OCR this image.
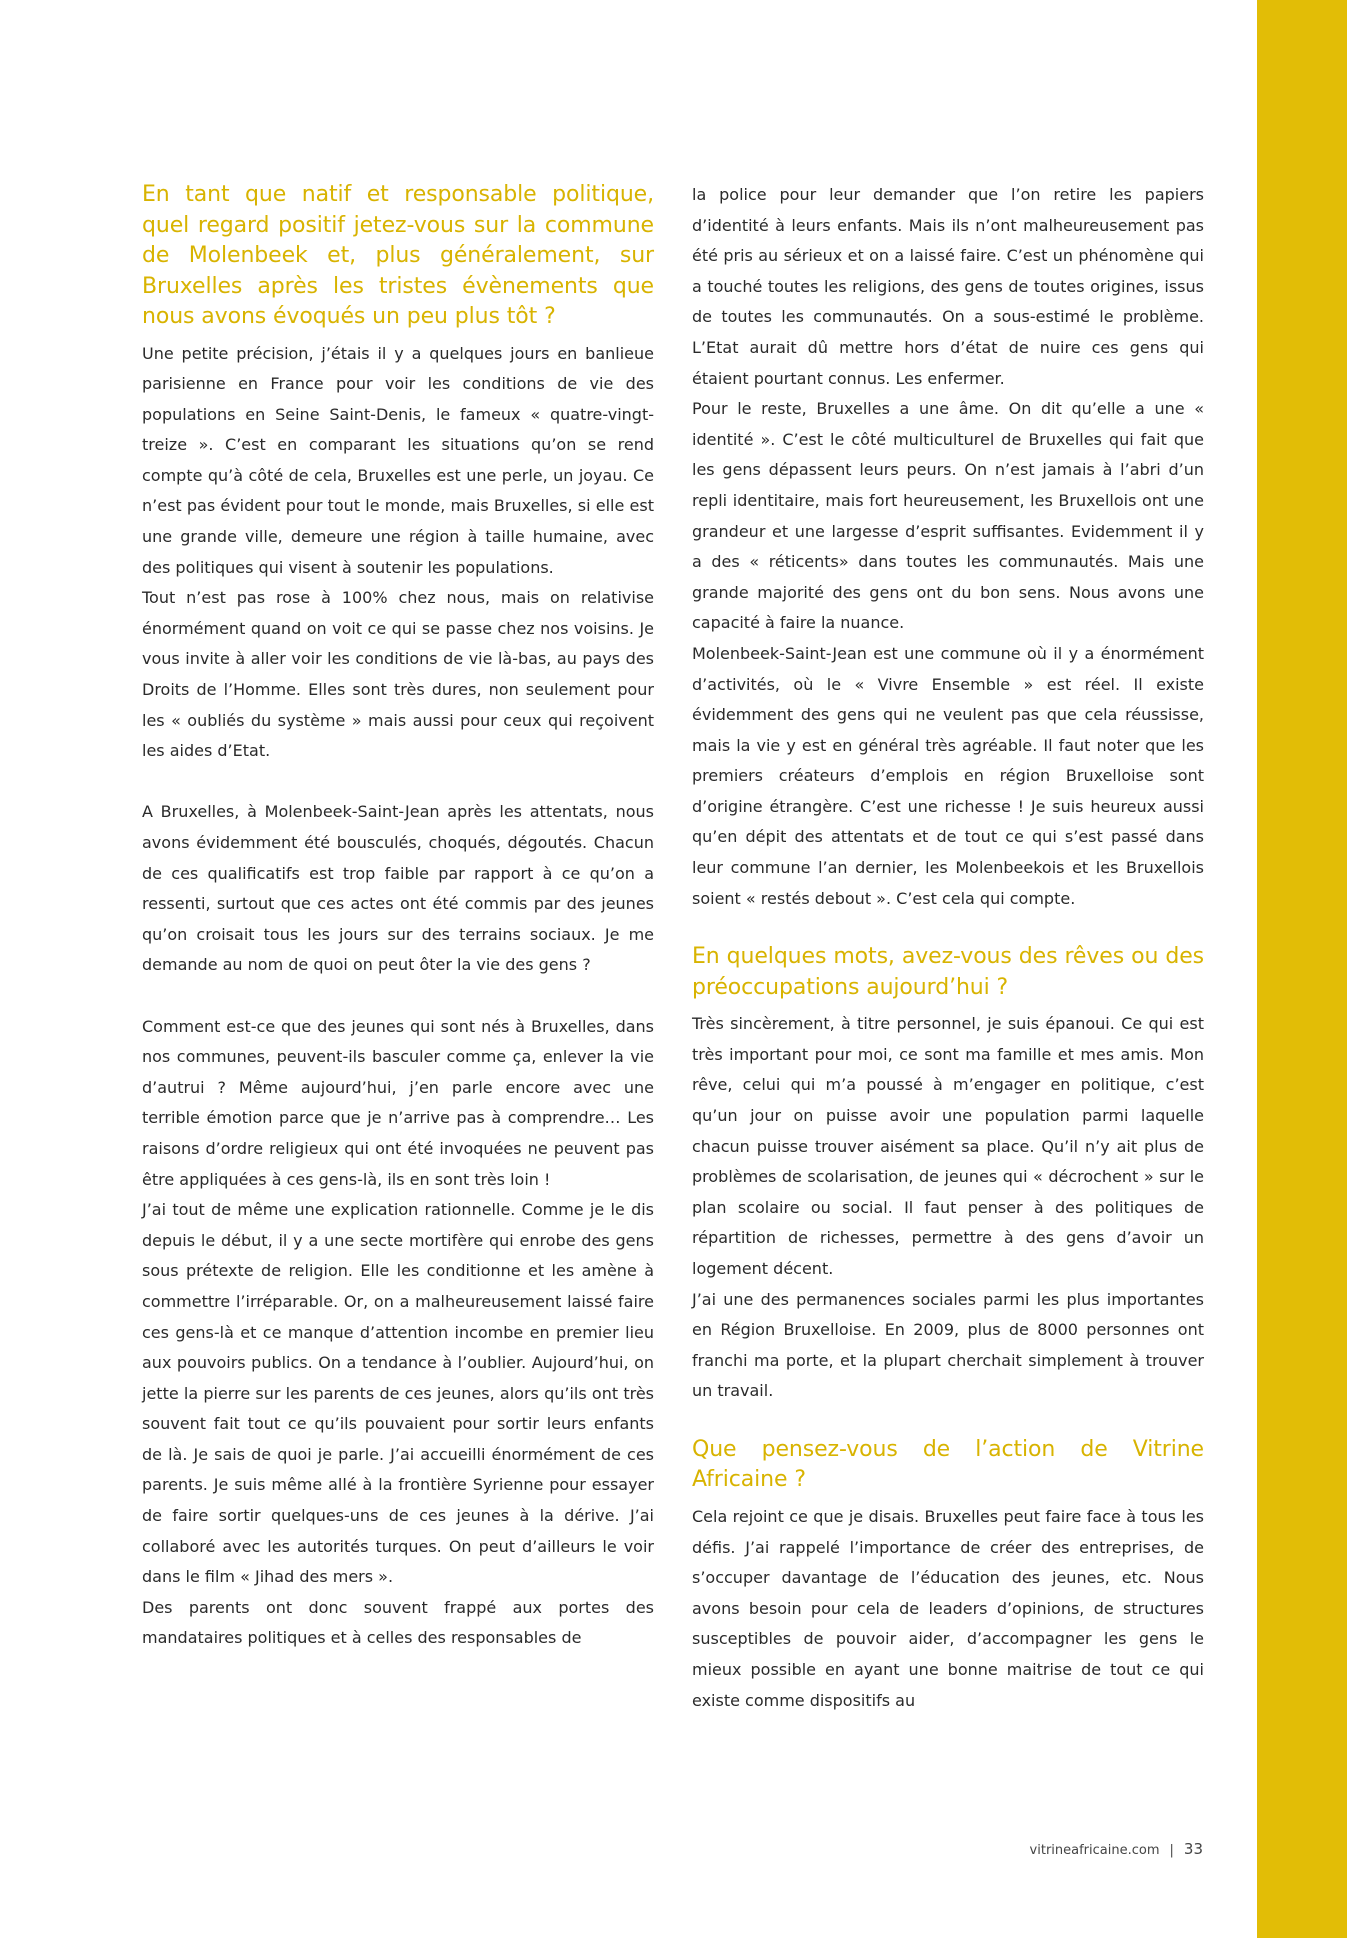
En tant que natif et responsable politique, quel regard positif jetez-vous sur la commune de Molenbeek et, plus généralement, sur Bruxelles après les tristes évènements que nous avons évoqués un peu plus tôt ?

Une petite précision, j’étais il y a quelques jours en banlieue parisienne en France pour voir les conditions de vie des populations en Seine Saint-Denis, le fameux « quatre-vingt-treize ». C’est en comparant les situations qu’on se rend compte qu’à côté de cela, Bruxelles est une perle, un joyau. Ce n’est pas évident pour tout le monde, mais Bruxelles, si elle est une grande ville, demeure une région à taille humaine, avec des politiques qui visent à soutenir les populations.

Tout n’est pas rose à 100% chez nous, mais on relativise énormément quand on voit ce qui se passe chez nos voisins. Je vous invite à aller voir les conditions de vie là-bas, au pays des Droits de l’Homme. Elles sont très dures, non seulement pour les « oubliés du système » mais aussi pour ceux qui reçoivent les aides d’Etat.

A Bruxelles, à Molenbeek-Saint-Jean après les attentats, nous avons évidemment été bousculés, choqués, dégoutés. Chacun de ces qualificatifs est trop faible par rapport à ce qu’on a ressenti, surtout que ces actes ont été commis par des jeunes qu’on croisait tous les jours sur des terrains sociaux. Je me demande au nom de quoi on peut ôter la vie des gens ?

Comment est-ce que des jeunes qui sont nés à Bruxelles, dans nos communes, peuvent-ils basculer comme ça, enlever la vie d’autrui ? Même aujourd’hui, j’en parle encore avec une terrible émotion parce que je n’arrive pas à comprendre… Les raisons d’ordre religieux qui ont été invoquées ne peuvent pas être appliquées à ces gens-là, ils en sont très loin !

J’ai tout de même une explication rationnelle. Comme je le dis depuis le début, il y a une secte mortifère qui enrobe des gens sous prétexte de religion. Elle les conditionne et les amène à commettre l’irréparable. Or, on a malheureusement laissé faire ces gens-là et ce manque d’attention incombe en premier lieu aux pouvoirs publics. On a tendance à l’oublier. Aujourd’hui, on jette la pierre sur les parents de ces jeunes, alors qu’ils ont très souvent fait tout ce qu’ils pouvaient pour sortir leurs enfants de là. Je sais de quoi je parle. J’ai accueilli énormément de ces parents. Je suis même allé à la frontière Syrienne pour essayer de faire sortir quelques-uns de ces jeunes à la dérive. J’ai collaboré avec les autorités turques. On peut d’ailleurs le voir dans le film « Jihad des mers ».

Des parents ont donc souvent frappé aux portes des mandataires politiques et à celles des responsables de

la police pour leur demander que l’on retire les papiers d’identité à leurs enfants. Mais ils n’ont malheureusement pas été pris au sérieux et on a laissé faire. C’est un phénomène qui a touché toutes les religions, des gens de toutes origines, issus de toutes les communautés. On a sous-estimé le problème. L’Etat aurait dû mettre hors d’état de nuire ces gens qui étaient pourtant connus. Les enfermer.

Pour le reste, Bruxelles a une âme. On dit qu’elle a une « identité ». C’est le côté multiculturel de Bruxelles qui fait que les gens dépassent leurs peurs. On n’est jamais à l’abri d’un repli identitaire, mais fort heureusement, les Bruxellois ont une grandeur et une largesse d’esprit suffisantes. Evidemment il y a des « réticents» dans toutes les communautés. Mais une grande majorité des gens ont du bon sens. Nous avons une capacité à faire la nuance.

Molenbeek-Saint-Jean est une commune où il y a énormément d’activités, où le « Vivre Ensemble » est réel. Il existe évidemment des gens qui ne veulent pas que cela réussisse, mais la vie y est en général très agréable. Il faut noter que les premiers créateurs d’emplois en région Bruxelloise sont d’origine étrangère. C’est une richesse ! Je suis heureux aussi qu’en dépit des attentats et de tout ce qui s’est passé dans leur commune l’an dernier, les Molenbeekois et les Bruxellois soient « restés debout ». C’est cela qui compte.

En quelques mots, avez-vous des rêves ou des préoccupations aujourd’hui ?

Très sincèrement, à titre personnel, je suis épanoui. Ce qui est très important pour moi, ce sont ma famille et mes amis. Mon rêve, celui qui m’a poussé à m’engager en politique, c’est qu’un jour on puisse avoir une population parmi laquelle chacun puisse trouver aisément sa place. Qu’il n’y ait plus de problèmes de scolarisation, de jeunes qui « décrochent » sur le plan scolaire ou social. Il faut penser à des politiques de répartition de richesses, permettre à des gens d’avoir un logement décent.

J’ai une des permanences sociales parmi les plus importantes en Région Bruxelloise. En 2009, plus de 8000 personnes ont franchi ma porte, et la plupart cherchait simplement à trouver un travail.

Que pensez-vous de l’action de Vitrine Africaine ?

Cela rejoint ce que je disais. Bruxelles peut faire face à tous les défis. J’ai rappelé l’importance de créer des entreprises, de s’occuper davantage de l’éducation des jeunes, etc. Nous avons besoin pour cela de leaders d’opinions, de structures susceptibles de pouvoir aider, d’accompagner les gens le mieux possible en ayant une bonne maitrise de tout ce qui existe comme dispositifs au

vitrineafricaine.com | 33
